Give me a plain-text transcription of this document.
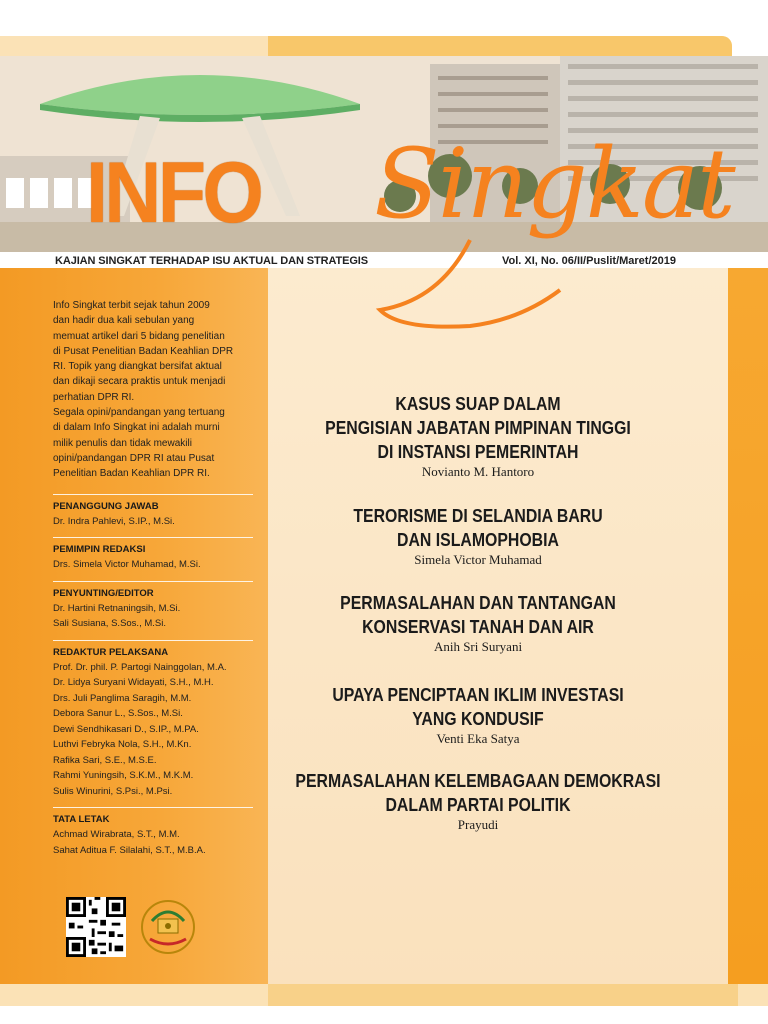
INFO Singkat
KAJIAN SINGKAT TERHADAP ISU AKTUAL DAN STRATEGIS	Vol. XI, No. 06/II/Puslit/Maret/2019

Info Singkat terbit sejak tahun 2009
dan hadir dua kali sebulan yang
memuat artikel dari 5 bidang penelitian
di Pusat Penelitian Badan Keahlian DPR
RI. Topik yang diangkat bersifat aktual
dan dikaji secara praktis untuk menjadi
perhatian DPR RI.
Segala opini/pandangan yang tertuang
di dalam Info Singkat ini adalah murni
milik penulis dan tidak mewakili
opini/pandangan DPR RI atau Pusat
Penelitian Badan Keahlian DPR RI.

PENANGGUNG JAWAB
Dr. Indra Pahlevi, S.IP., M.Si.
PEMIMPIN REDAKSI
Drs. Simela Victor Muhamad, M.Si.
PENYUNTING/EDITOR
Dr. Hartini Retnaningsih, M.Si.
Sali Susiana, S.Sos., M.Si.
REDAKTUR PELAKSANA
Prof. Dr. phil. P. Partogi Nainggolan, M.A.
Dr. Lidya Suryani Widayati, S.H., M.H.
Drs. Juli Panglima Saragih, M.M.
Debora Sanur L., S.Sos., M.Si.
Dewi Sendhikasari D., S.IP., M.PA.
Luthvi Febryka Nola, S.H., M.Kn.
Rafika Sari, S.E., M.S.E.
Rahmi Yuningsih, S.K.M., M.K.M.
Sulis Winurini, S.Psi., M.Psi.
TATA LETAK
Achmad Wirabrata, S.T., M.M.
Sahat Aditua F. Silalahi, S.T., M.B.A.
KASUS SUAP DALAM
PENGISIAN JABATAN PIMPINAN TINGGI
DI INSTANSI PEMERINTAH
Novianto M. Hantoro
TERORISME DI SELANDIA BARU
DAN ISLAMOPHOBIA
Simela Victor Muhamad
PERMASALAHAN DAN TANTANGAN
KONSERVASI TANAH DAN AIR
Anih Sri Suryani
UPAYA PENCIPTAAN IKLIM INVESTASI
YANG KONDUSIF
Venti Eka Satya
PERMASALAHAN KELEMBAGAAN DEMOKRASI
DALAM PARTAI POLITIK
Prayudi
